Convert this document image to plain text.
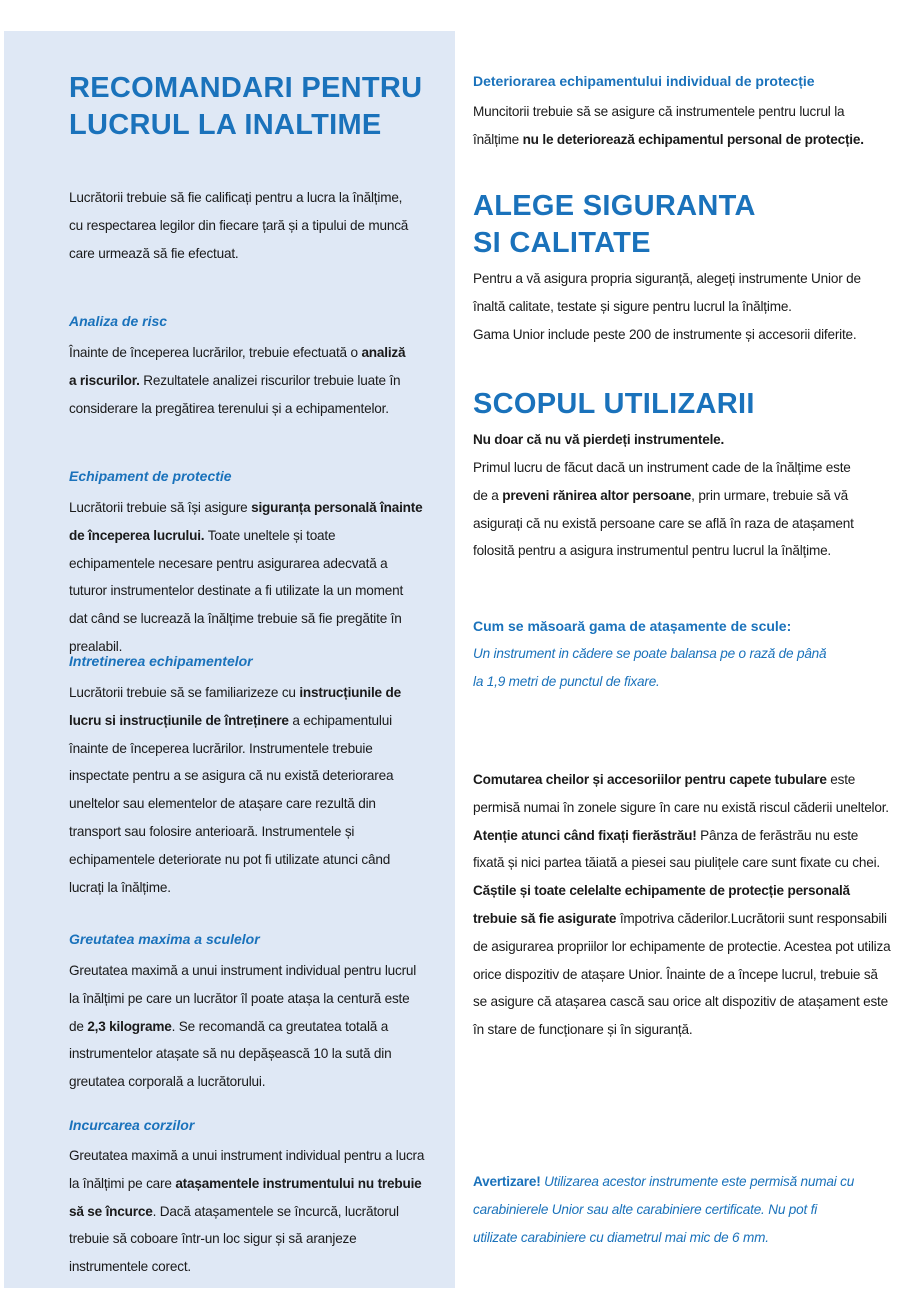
RECOMANDARI PENTRU
LUCRUL LA INALTIME

Lucrătorii trebuie să fie calificați pentru a lucra la înălțime, cu respectarea legilor din fiecare țară și a tipului de muncă care urmează să fie efectuat.

Analiza de risc

Înainte de începerea lucrărilor, trebuie efectuată o analiză a riscurilor. Rezultatele analizei riscurilor trebuie luate în considerare la pregătirea terenului și a echipamentelor.

Echipament de protectie

Lucrătorii trebuie să își asigure siguranța personală înainte de începerea lucrului. Toate uneltele și toate echipamentele necesare pentru asigurarea adecvată a tuturor instrumentelor destinate a fi utilizate la un moment dat când se lucrează la înălțime trebuie să fie pregătite în prealabil.

Intretinerea echipamentelor

Lucrătorii trebuie să se familiarizeze cu instrucțiunile de lucru si instrucțiunile de întreținere a echipamentului înainte de începerea lucrărilor. Instrumentele trebuie inspectate pentru a se asigura că nu există deteriorarea uneltelor sau elementelor de atașare care rezultă din transport sau folosire anterioară. Instrumentele și echipamentele deteriorate nu pot fi utilizate atunci când lucrați la înălțime.

Greutatea maxima a sculelor

Greutatea maximă a unui instrument individual pentru lucrul la înălțimi pe care un lucrător îl poate atașa la centură este de 2,3 kilograme. Se recomandă ca greutatea totală a instrumentelor atașate să nu depășească 10 la sută din greutatea corporală a lucrătorului.

Incurcarea corzilor

Greutatea maximă a unui instrument individual pentru a lucra la înălțimi pe care atașamentele instrumentului nu trebuie să se încurce. Dacă atașamentele se încurcă, lucrătorul trebuie să coboare într-un loc sigur și să aranjeze instrumentele corect.

Deteriorarea echipamentului individual de protecție

Muncitorii trebuie să se asigure că instrumentele pentru lucrul la înălțime nu le deteriorează echipamentul personal de protecție.

ALEGE SIGURANTA
SI CALITATE

Pentru a vă asigura propria siguranță, alegeți instrumente Unior de înaltă calitate, testate și sigure pentru lucrul la înălțime.

Gama Unior include peste 200 de instrumente și accesorii diferite.

SCOPUL UTILIZARII

Nu doar că nu vă pierdeți instrumentele.

Primul lucru de făcut dacă un instrument cade de la înălțime este de a preveni rănirea altor persoane, prin urmare, trebuie să vă asigurați că nu există persoane care se află în raza de atașament folosită pentru a asigura instrumentul pentru lucrul la înălțime.

Cum se măsoară gama de atașamente de scule:

Un instrument in cădere se poate balansa pe o rază de până la 1,9 metri de punctul de fixare.

Comutarea cheilor și accesoriilor pentru capete tubulare este permisă numai în zonele sigure în care nu există riscul căderii uneltelor. Atenție atunci când fixați fierăstrău! Pânza de ferăstrău nu este fixată și nici partea tăiată a piesei sau piulițele care sunt fixate cu chei. Căștile și toate celelalte echipamente de protecție personală trebuie să fie asigurate împotriva căderilor.Lucrătorii sunt responsabili de asigurarea propriilor lor echipamente de protectie. Acestea pot utiliza orice dispozitiv de atașare Unior. Înainte de a începe lucrul, trebuie să se asigure că atașarea cască sau orice alt dispozitiv de atașament este în stare de funcționare și în siguranță.

Avertizare! Utilizarea acestor instrumente este permisă numai cu carabinierele Unior sau alte carabiniere certificate. Nu pot fi utilizate carabiniere cu diametrul mai mic de 6 mm.
